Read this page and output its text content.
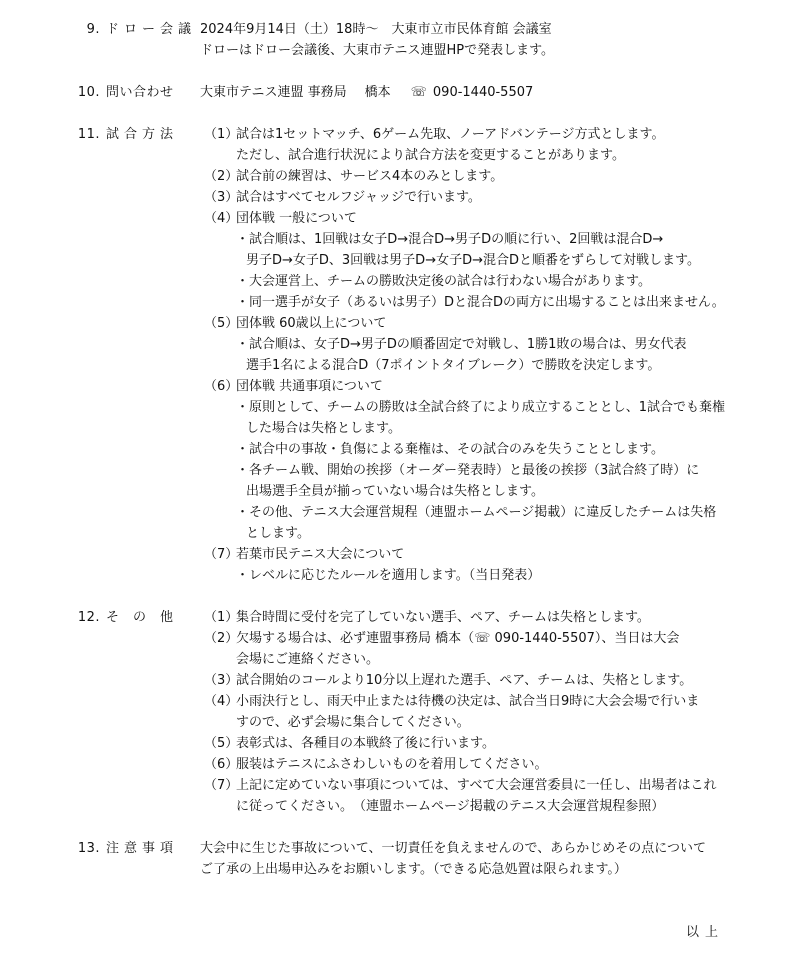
9. ドロー会議 2024年9月14日（土）18時～　大東市立市民体育館 会議室
ドローはドロー会議後、大東市テニス連盟HPで発表します。
10. 問い合わせ	大東市テニス連盟 事務局 橋本 ☏ 090-1440-5507
11. 試合方法	（1）
試合は1セットマッチ、6ゲーム先取、ノーアドバンテージ方式とします。
ただし、試合進行状況により試合方法を変更することがあります。
（2）
試合前の練習は、サービス4本のみとします。
（3）
試合はすべてセルフジャッジで行います。
（4）
団体戦 一般について
・試合順は、1回戦は女子D→混合D→男子Dの順に行い、2回戦は混合D→
男子D→女子D、3回戦は男子D→女子D→混合Dと順番をずらして対戦します。
・大会運営上、チームの勝敗決定後の試合は行わない場合があります。
・同一選手が女子（あるいは男子）Dと混合Dの両方に出場することは出来ません。
（5）
団体戦 60歳以上について
・試合順は、女子D→男子Dの順番固定で対戦し、1勝1敗の場合は、男女代表
選手1名による混合D（7ポイントタイブレーク）で勝敗を決定します。
（6）
団体戦 共通事項について
・原則として、チームの勝敗は全試合終了により成立することとし、1試合でも棄権
した場合は失格とします。
・試合中の事故・負傷による棄権は、その試合のみを失うこととします。
・各チーム戦、開始の挨拶（オーダー発表時）と最後の挨拶（3試合終了時）に
出場選手全員が揃っていない場合は失格とします。
・その他、テニス大会運営規程（連盟ホームページ掲載）に違反したチームは失格
とします。
（7）
若葉市民テニス大会について
・レベルに応じたルールを適用します。（当日発表）
12. その他	（1）
集合時間に受付を完了していない選手、ペア、チームは失格とします。
（2）
欠場する場合は、必ず連盟事務局 橋本（☏ 090-1440-5507）、当日は大会
会場にご連絡ください。
（3）
試合開始のコールより10分以上遅れた選手、ペア、チームは、失格とします。
（4）
小雨決行とし、雨天中止または待機の決定は、試合当日9時に大会会場で行いま
すので、必ず会場に集合してください。
（5）
表彰式は、各種目の本戦終了後に行います。
（6）
服装はテニスにふさわしいものを着用してください。
（7）
上記に定めていない事項については、すべて大会運営委員に一任し、出場者はこれ
に従ってください。　（連盟ホームページ掲載のテニス大会運営規程参照）
13. 注意事項	大会中に生じた事故について、一切責任を負えませんので、あらかじめその点について
ご了承の上出場申込みをお願いします。（できる応急処置は限られます。）
以上
